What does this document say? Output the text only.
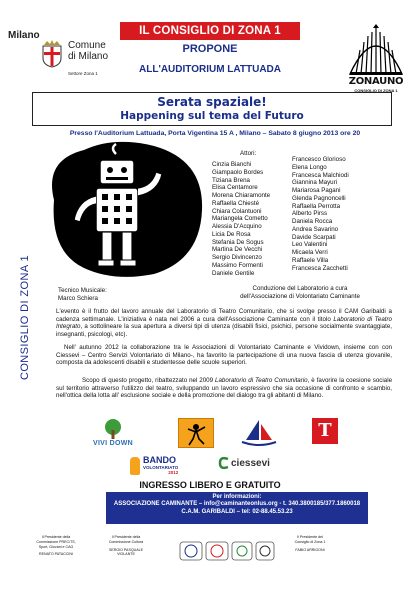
Milano
Comune
di Milano
Settore Zona 1
IL CONSIGLIO DI ZONA 1
PROPONE
ALL'AUDITORIUM LATTUADA
ZONAUNO
CONSIGLIO DI ZONA 1
Serata spaziale!
Happening sul tema del Futuro
Presso l'Auditorium Lattuada, Porta Vigentina 15 A , Milano – Sabato 8 giugno 2013 ore 20
CONSIGLIO DI ZONA 1
Attori:
Cinzia Bianchi
Giampaolo Bordes
Tiziana Brena
Elisa Centamore
Morena Chiaramonte
Raffaella Chiesté
Chiara Colantuoni
Mariangela Cometto
Alessia D'Acquino
Licia De Rosa
Stefania De Sogus
Martina De Vecchi
Sergio Divincenzo
Massimo Formenti
Daniele Gentile
Francesco Glorioso
Elena Longo
Francesca Malchiodi
Giannina Mayuri
Mariarosa Pagani
Glenda Pagnoncelli
Raffaella Perrotta
Alberto Pirss
Daniela Rocca
Andrea Savarino
Davide Scarpati
Leo Valentini
Micaela Verri
Raffaele Villa
Francesca Zacchetti
Tecnico Musicale:
Marco Schiera
Conduzione del Laboratorio a cura
dell'Associazione di Volontariato Caminante
L'evento è il frutto del lavoro annuale del Laboratorio di Teatro Comunitario, che si svolge presso il CAM Garibaldi a cadenza settimanale. L'iniziativa è nata nel 2006 a cura dell'Associazione Caminante con il titolo Laboratorio di Teatro Integrato, a sottolineare la sua apertura a diversi tipi di utenza (disabili fisici, psichici, persone socialmente svantaggiate, insegnanti, psicologi, etc).
Nell' autunno 2012 la collaborazione tra le Associazioni di Volontariato Caminante e Vividown, insieme con con Ciessevi – Centro Servizi Volontariato di Milano-, ha favorito la partecipazione di una nuova fascia di utenza giovanile, composta da adolescenti disabili e studentesse delle scuole superiori.
Scopo di questo progetto, ribattezzato nel 2009 Laboratorio di Teatro Comunitario, è favorire la coesione sociale sul territorio attraverso l'utilizzo del teatro, sviluppando un lavoro espressivo che sia occasione di confronto e scambio, nell'ottica della lotta all' esclusione sociale e della promozione del dialogo tra gli abitanti di Milano.
VIVI DOWN
T
BANDO
VOLONTARIATO
2012
ciessevi
INGRESSO LIBERO E GRATUITO
Per informazioni:
ASSOCIAZIONE CAMINANTE – info@caminanteonlus.org - t. 340.3800185/377.1860018
C.A.M. GARIBALDI – tel: 02-88.45.53.23
Il Presidente della
Commissione PREC/TS,
Sport, Giovani e CAG
RENATO PATACCINI
Il Presidente della
Commissione Cultura
SERGIO PASQUALE
VIOLANTE
Il Presidente del
Consiglio di Zona 1
FABIO ARRIGONI
